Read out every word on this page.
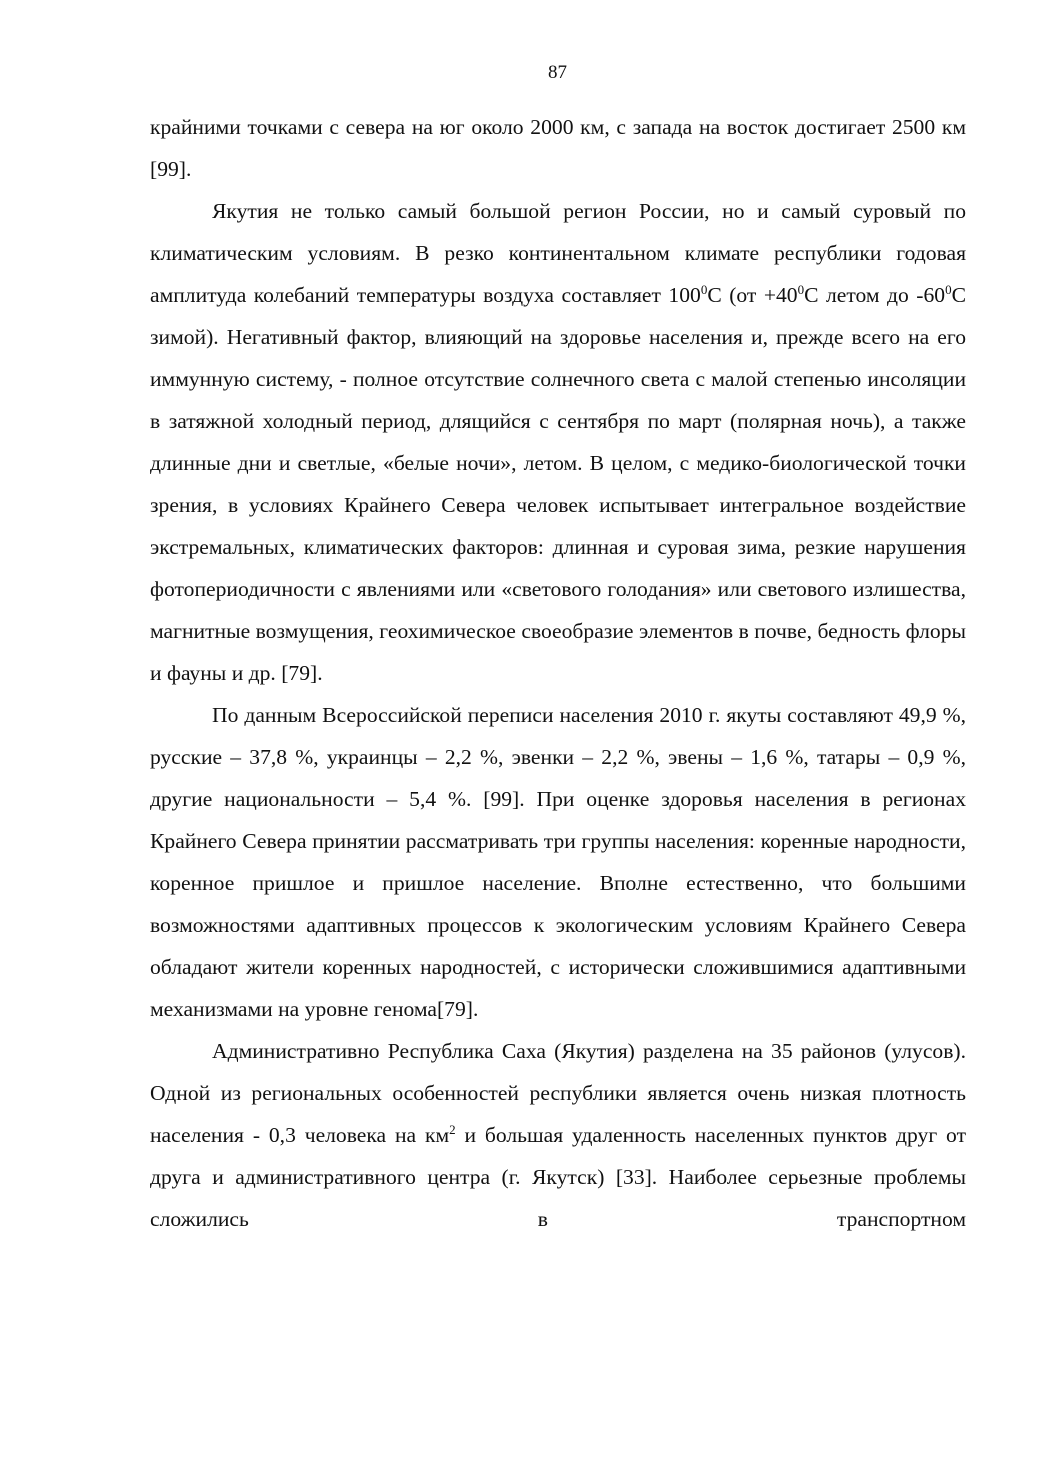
87

крайними точками с севера на юг около 2000 км, с запада на восток достигает 2500 км [99].

Якутия не только самый большой регион России, но и самый суровый по климатическим условиям. В резко континентальном климате республики годовая амплитуда колебаний температуры воздуха составляет $100^0С$ ($от +40^0С$ летом до $-60^0С$ зимой). Негативный фактор, влияющий на здоровье населения и, прежде всего на его иммунную систему, - полное отсутствие солнечного света с малой степенью инсоляции в затяжной холодный период, длящийся с сентября по март (полярная ночь), а также длинные дни и светлые, «белые ночи», летом. В целом, с медико-биологической точки зрения, в условиях Крайнего Севера человек испытывает интегральное воздействие экстремальных, климатических факторов: длинная и суровая зима, резкие нарушения фотопериодичности с явлениями или «светового голодания» или светового излишества, магнитные возмущения, геохимическое своеобразие элементов в почве, бедность флоры и фауны и др. [79].

По данным Всероссийской переписи населения 2010 г. якуты составляют 49,9 %, русские – 37,8 %, украинцы – 2,2 %, эвенки – 2,2 %, эвены – 1,6 %, татары – 0,9 %, другие национальности – 5,4 %. [99]. При оценке здоровья населения в регионах Крайнего Севера принятии рассматривать три группы населения: коренные народности, коренное пришлое и пришлое население. Вполне естественно, что большими возможностями адаптивных процессов к экологическим условиям Крайнего Севера обладают жители коренных народностей, с исторически сложившимися адаптивными механизмами на уровне генома[79].

Административно Республика Саха (Якутия) разделена на 35 районов (улусов). Одной из региональных особенностей республики является очень низкая плотность населения - 0,3 человека на $км^2$ и большая удаленность населенных пунктов друг от друга и административного центра (г. Якутск) [33]. Наиболее серьезные проблемы сложились в транспортном
